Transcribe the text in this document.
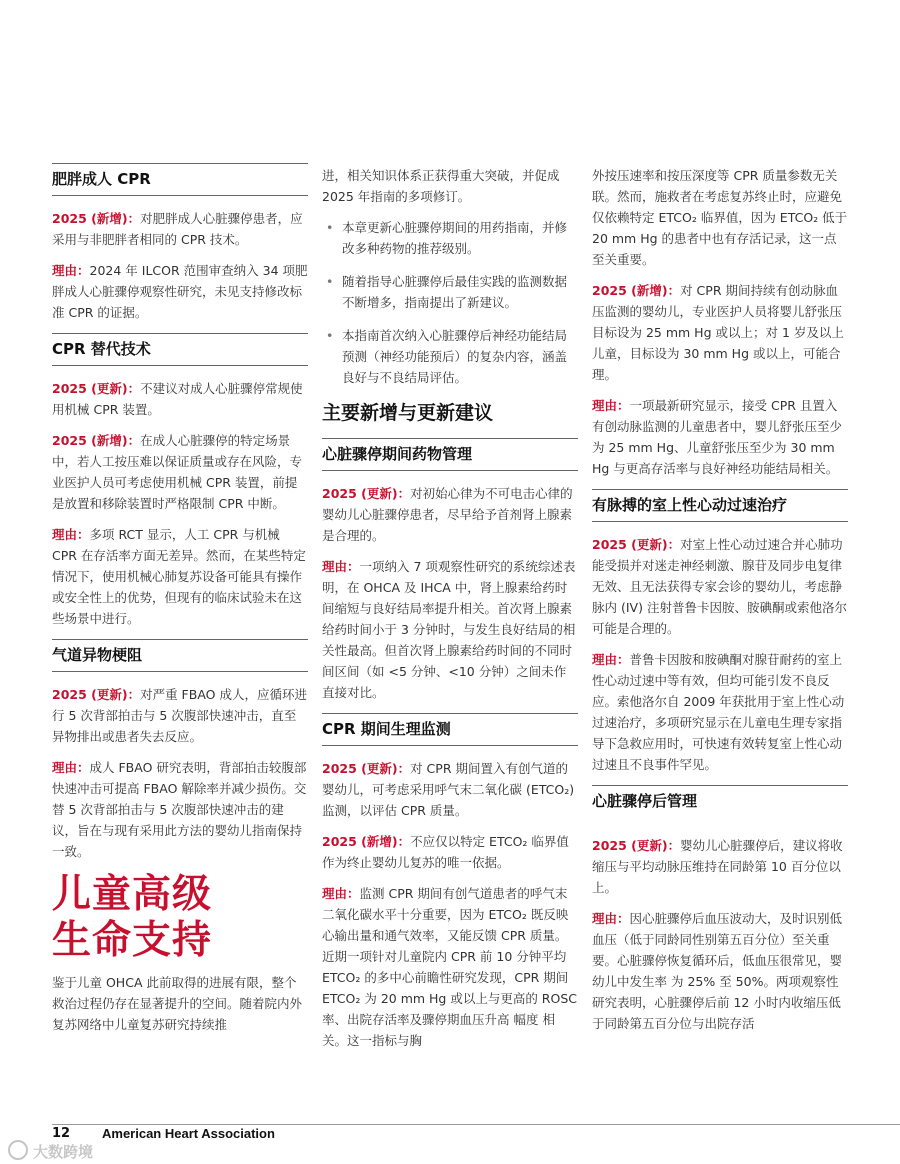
肥胖成人 CPR

2025 (新增)：对肥胖成人心脏骤停患者，应采用与非肥胖者相同的 CPR 技术。

理由：2024 年 ILCOR 范围审查纳入 34 项肥胖成人心脏骤停观察性研究，未见支持修改标准 CPR 的证据。

CPR 替代技术

2025 (更新)：不建议对成人心脏骤停常规使用机械 CPR 装置。

2025 (新增)：在成人心脏骤停的特定场景中，若人工按压难以保证质量或存在风险，专业医护人员可考虑使用机械 CPR 装置，前提是放置和移除装置时严格限制 CPR 中断。

理由：多项 RCT 显示，人工 CPR 与机械 CPR 在存活率方面无差异。然而，在某些特定情况下，使用机械心肺复苏设备可能具有操作或安全性上的优势，但现有的临床试验未在这些场景中进行。

气道异物梗阻

2025 (更新)：对严重 FBAO 成人，应循环进行 5 次背部拍击与 5 次腹部快速冲击，直至异物排出或患者失去反应。

理由：成人 FBAO 研究表明，背部拍击较腹部快速冲击可提高 FBAO 解除率并减少损伤。交替 5 次背部拍击与 5 次腹部快速冲击的建议，旨在与现有采用此方法的婴幼儿指南保持一致。

儿童高级
生命支持

鉴于儿童 OHCA 此前取得的进展有限，整个救治过程仍存在显著提升的空间。随着院内外复苏网络中儿童复苏研究持续推

进，相关知识体系正获得重大突破，并促成 2025 年指南的多项修订。

• 本章更新心脏骤停期间的用药指南，并修改多种药物的推荐级别。
• 随着指导心脏骤停后最佳实践的监测数据不断增多，指南提出了新建议。
• 本指南首次纳入心脏骤停后神经功能结局预测（神经功能预后）的复杂内容，涵盖良好与不良结局评估。
主要新增与更新建议
心脏骤停期间药物管理

2025 (更新)：对初始心律为不可电击心律的婴幼儿心脏骤停患者，尽早给予首剂肾上腺素是合理的。

理由：一项纳入 7 项观察性研究的系统综述表明，在 OHCA 及 IHCA 中，肾上腺素给药时间缩短与良好结局率提升相关。首次肾上腺素给药时间小于 3 分钟时，与发生良好结局的相关性最高。但首次肾上腺素给药时间的不同时间区间（如 <5 分钟、<10 分钟）之间未作直接对比。

CPR 期间生理监测

2025 (更新)：对 CPR 期间置入有创气道的婴幼儿，可考虑采用呼气末二氧化碳 (ETCO₂) 监测，以评估 CPR 质量。

2025 (新增)：不应仅以特定 ETCO₂ 临界值作为终止婴幼儿复苏的唯一依据。

理由：监测 CPR 期间有创气道患者的呼气末二氧化碳水平十分重要，因为 ETCO₂ 既反映心输出量和通气效率，又能反馈 CPR 质量。近期一项针对儿童院内 CPR 前 10 分钟平均 ETCO₂ 的多中心前瞻性研究发现，CPR 期间 ETCO₂ 为 20 mm Hg 或以上与更高的 ROSC 率、出院存活率及骤停期血压升高 幅度 相关。这一指标与胸

外按压速率和按压深度等 CPR 质量参数无关联。然而，施救者在考虑复苏终止时，应避免仅依赖特定 ETCO₂ 临界值，因为 ETCO₂ 低于 20 mm Hg 的患者中也有存活记录，这一点至关重要。

2025 (新增)：对 CPR 期间持续有创动脉血压监测的婴幼儿，专业医护人员将婴儿舒张压目标设为 25 mm Hg 或以上；对 1 岁及以上儿童，目标设为 30 mm Hg 或以上，可能合理。

理由：一项最新研究显示，接受 CPR 且置入有创动脉监测的儿童患者中，婴儿舒张压至少为 25 mm Hg、儿童舒张压至少为 30 mm Hg 与更高存活率与良好神经功能结局相关。

有脉搏的室上性心动过速治疗

2025 (更新)：对室上性心动过速合并心肺功能受损并对迷走神经刺激、腺苷及同步电复律无效、且无法获得专家会诊的婴幼儿，考虑静脉内 (IV) 注射普鲁卡因胺、胺碘酮或索他洛尔可能是合理的。

理由：普鲁卡因胺和胺碘酮对腺苷耐药的室上性心动过速中等有效，但均可能引发不良反应。索他洛尔自 2009 年获批用于室上性心动过速治疗，多项研究显示在儿童电生理专家指导下急救应用时，可快速有效转复室上性心动过速且不良事件罕见。

心脏骤停后管理

2025 (更新)：婴幼儿心脏骤停后，建议将收缩压与平均动脉压维持在同龄第 10 百分位以上。

理由：因心脏骤停后血压波动大，及时识别低血压（低于同龄同性别第五百分位）至关重要。心脏骤停恢复循环后，低血压很常见，婴幼儿中发生率 为 25% 至 50%。两项观察性研究表明，心脏骤停后前 12 小时内收缩压低于同龄第五百分位与出院存活

12 American Heart Association
大数跨境
